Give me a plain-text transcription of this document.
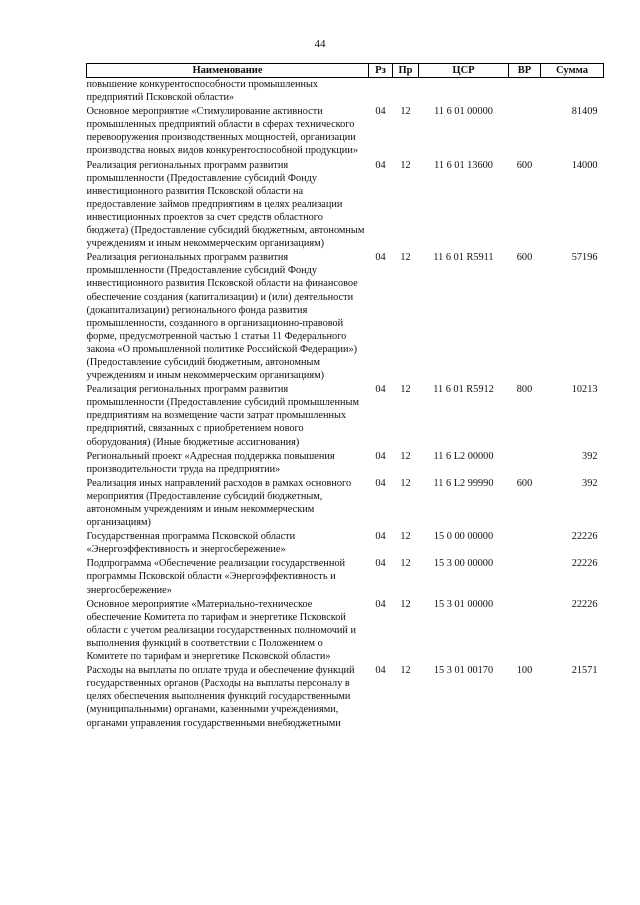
44
Наименование	Рз	Пр	ЦСР	ВР	Сумма
повышение конкурентоспособности промышленных предприятий Псковской области»					
Основное мероприятие «Стимулирование активности промышленных предприятий области в сферах технического перевооружения производственных мощностей, организации производства новых видов конкурентоспособной продукции»	04	12	11 6 01 00000		81409
Реализация региональных программ развития промышленности (Предоставление субсидий Фонду инвестиционного развития Псковской области на предоставление займов предприятиям в целях реализации инвестиционных проектов за счет средств областного бюджета) (Предоставление субсидий бюджетным, автономным учреждениям и иным некоммерческим организациям)	04	12	11 6 01 13600	600	14000
Реализация региональных программ развития промышленности (Предоставление субсидий Фонду инвестиционного развития Псковской области на финансовое обеспечение создания (капитализации) и (или) деятельности (докапитализации) регионального фонда развития промышленности, созданного в организационно-правовой форме, предусмотренной частью 1 статьи 11 Федерального закона «О промышленной политике Российской Федерации») (Предоставление субсидий бюджетным, автономным учреждениям и иным некоммерческим организациям)	04	12	11 6 01 R5911	600	57196
Реализация региональных программ развития промышленности (Предоставление субсидий промышленным предприятиям на возмещение части затрат промышленных предприятий, связанных с приобретением нового оборудования) (Иные бюджетные ассигнования)	04	12	11 6 01 R5912	800	10213
Региональный проект «Адресная поддержка повышения производительности труда на предприятии»	04	12	11 6 L2 00000		392
Реализация иных направлений расходов в рамках основного мероприятия (Предоставление субсидий бюджетным, автономным учреждениям и иным некоммерческим организациям)	04	12	11 6 L2 99990	600	392
Государственная программа Псковской области «Энергоэффективность и энергосбережение»	04	12	15 0 00 00000		22226
Подпрограмма «Обеспечение реализации государственной программы Псковской области «Энергоэффективность и энергосбережение»	04	12	15 3 00 00000		22226
Основное мероприятие «Материально-техническое обеспечение Комитета по тарифам и энергетике Псковской области с учетом реализации государственных полномочий и выполнения функций в соответствии с Положением о Комитете по тарифам и энергетике Псковской области»	04	12	15 3 01 00000		22226
Расходы на выплаты по оплате труда и обеспечение функций государственных органов (Расходы на выплаты персоналу в целях обеспечения выполнения функций государственными (муниципальными) органами, казенными учреждениями, органами управления государственными внебюджетными	04	12	15 3 01 00170	100	21571
